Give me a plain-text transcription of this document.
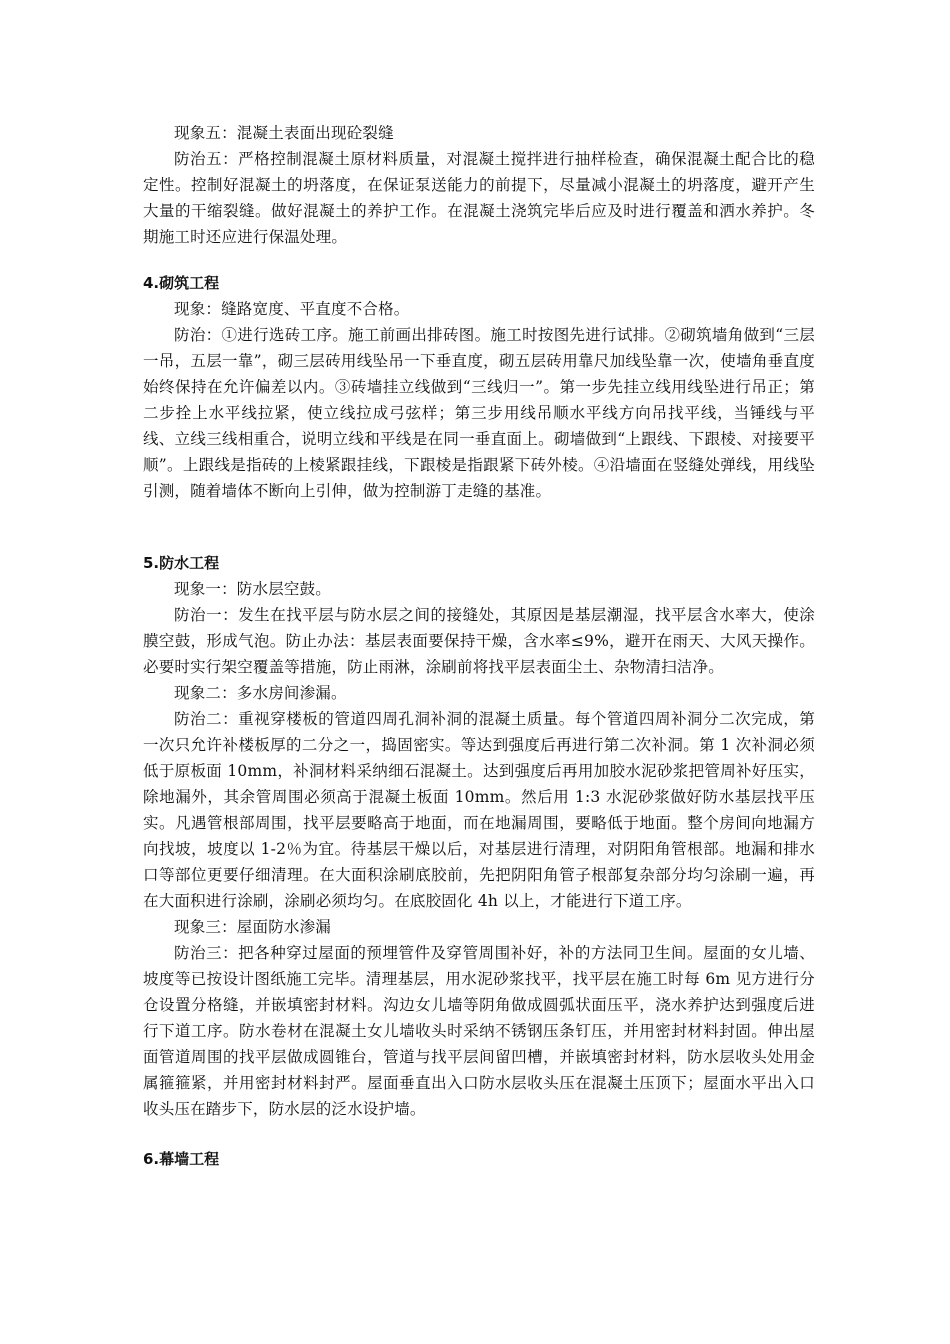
现象五：混凝土表面出现砼裂缝

防治五：严格控制混凝土原材料质量，对混凝土搅拌进行抽样检查，确保混凝土配合比的稳定性。控制好混凝土的坍落度，在保证泵送能力的前提下，尽量减小混凝土的坍落度，避开产生大量的干缩裂缝。做好混凝土的养护工作。在混凝土浇筑完毕后应及时进行覆盖和洒水养护。冬期施工时还应进行保温处理。

4.砌筑工程

现象：缝路宽度、平直度不合格。

防治：①进行选砖工序。施工前画出排砖图。施工时按图先进行试排。②砌筑墙角做到“三层一吊，五层一靠”，砌三层砖用线坠吊一下垂直度，砌五层砖用靠尺加线坠靠一次，使墙角垂直度始终保持在允许偏差以内。③砖墙挂立线做到“三线归一”。第一步先挂立线用线坠进行吊正；第二步拴上水平线拉紧，使立线拉成弓弦样；第三步用线吊顺水平线方向吊找平线，当锤线与平线、立线三线相重合，说明立线和平线是在同一垂直面上。砌墙做到“上跟线、下跟棱、对接要平顺”。上跟线是指砖的上棱紧跟挂线，下跟棱是指跟紧下砖外棱。④沿墙面在竖缝处弹线，用线坠引测，随着墙体不断向上引伸，做为控制游丁走缝的基准。

5.防水工程

现象一：防水层空鼓。

防治一：发生在找平层与防水层之间的接缝处，其原因是基层潮湿，找平层含水率大，使涂膜空鼓，形成气泡。防止办法：基层表面要保持干燥，含水率≤9%，避开在雨天、大风天操作。必要时实行架空覆盖等措施，防止雨淋，涂刷前将找平层表面尘土、杂物清扫洁净。

现象二：多水房间渗漏。

防治二：重视穿楼板的管道四周孔洞补洞的混凝土质量。每个管道四周补洞分二次完成，第一次只允许补楼板厚的二分之一，捣固密实。等达到强度后再进行第二次补洞。第 1 次补洞必须低于原板面 10mm，补洞材料采纳细石混凝土。达到强度后再用加胶水泥砂浆把管周补好压实，除地漏外，其余管周围必须高于混凝土板面 10mm。然后用 1:3 水泥砂浆做好防水基层找平压实。凡遇管根部周围，找平层要略高于地面，而在地漏周围，要略低于地面。整个房间向地漏方向找坡，坡度以 1-2％为宜。待基层干燥以后，对基层进行清理，对阴阳角管根部。地漏和排水口等部位更要仔细清理。在大面积涂刷底胶前，先把阴阳角管子根部复杂部分均匀涂刷一遍，再在大面积进行涂刷，涂刷必须均匀。在底胶固化 4h 以上，才能进行下道工序。

现象三：屋面防水渗漏

防治三：把各种穿过屋面的预埋管件及穿管周围补好，补的方法同卫生间。屋面的女儿墙、坡度等已按设计图纸施工完毕。清理基层，用水泥砂浆找平，找平层在施工时每 6m 见方进行分仓设置分格缝，并嵌填密封材料。沟边女儿墙等阴角做成圆弧状面压平，浇水养护达到强度后进行下道工序。防水卷材在混凝土女儿墙收头时采纳不锈钢压条钉压，并用密封材料封固。伸出屋面管道周围的找平层做成圆锥台，管道与找平层间留凹槽，并嵌填密封材料，防水层收头处用金属箍箍紧，并用密封材料封严。屋面垂直出入口防水层收头压在混凝土压顶下；屋面水平出入口收头压在踏步下，防水层的泛水设护墙。

6.幕墙工程
